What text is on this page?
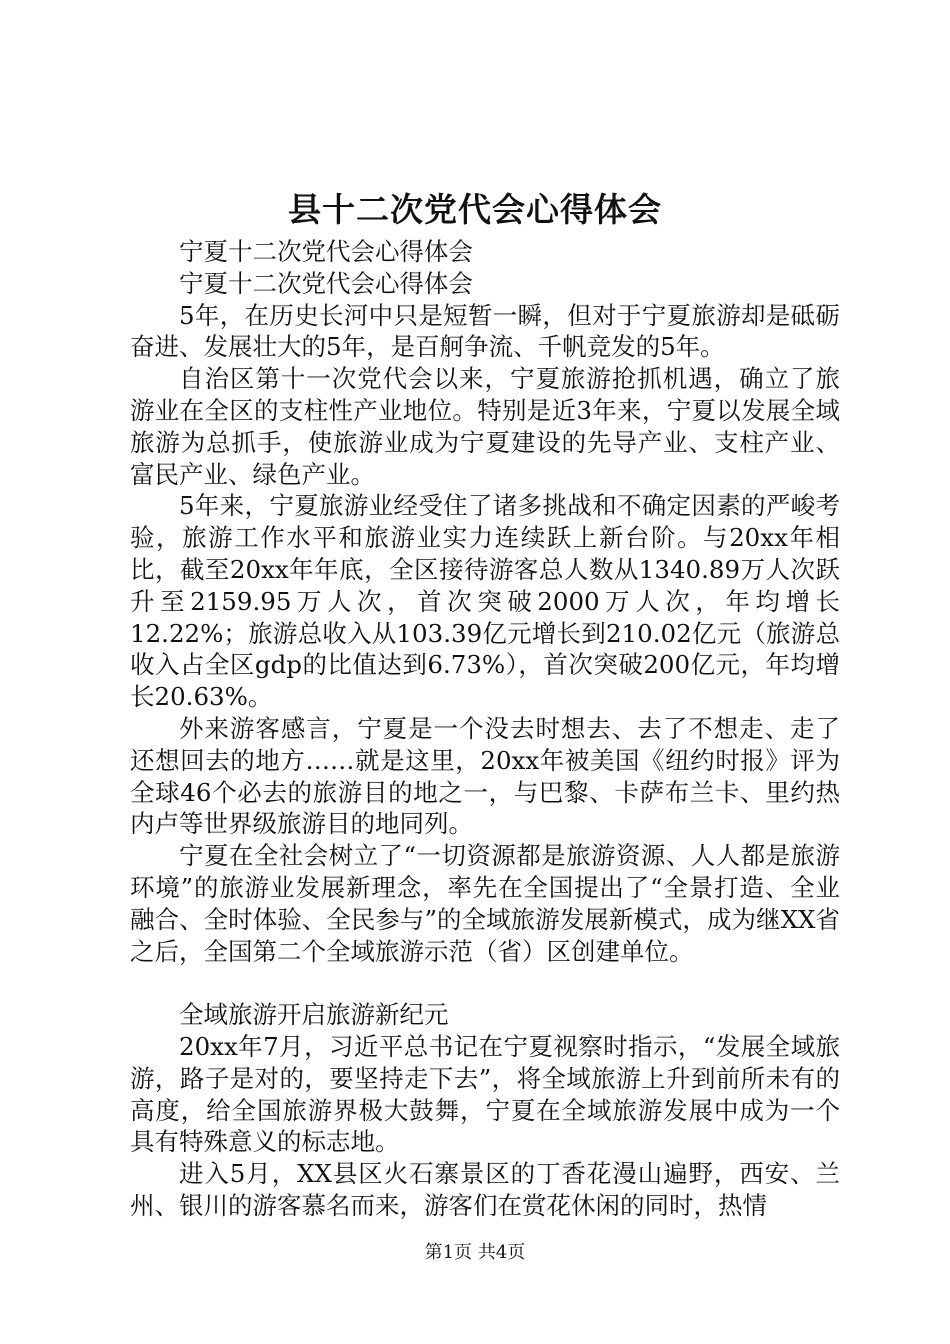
县十二次党代会心得体会

宁夏十二次党代会心得体会

宁夏十二次党代会心得体会

5年，在历史长河中只是短暂一瞬，但对于宁夏旅游却是砥砺奋进、发展壮大的5年，是百舸争流、千帆竞发的5年。

自治区第十一次党代会以来，宁夏旅游抢抓机遇，确立了旅游业在全区的支柱性产业地位。特别是近3年来，宁夏以发展全域旅游为总抓手，使旅游业成为宁夏建设的先导产业、支柱产业、富民产业、绿色产业。

5年来，宁夏旅游业经受住了诸多挑战和不确定因素的严峻考验，旅游工作水平和旅游业实力连续跃上新台阶。与20xx年相比，截至20xx年年底，全区接待游客总人数从1340.89万人次跃升至2159.95万人次，首次突破2000万人次，年均增长12.22%；旅游总收入从103.39亿元增长到210.02亿元（旅游总收入占全区gdp的比值达到6.73%），首次突破200亿元，年均增长20.63%。

外来游客感言，宁夏是一个没去时想去、去了不想走、走了还想回去的地方……就是这里，20xx年被美国《纽约时报》评为全球46个必去的旅游目的地之一，与巴黎、卡萨布兰卡、里约热内卢等世界级旅游目的地同列。

宁夏在全社会树立了“一切资源都是旅游资源、人人都是旅游环境”的旅游业发展新理念，率先在全国提出了“全景打造、全业融合、全时体验、全民参与”的全域旅游发展新模式，成为继XX省之后，全国第二个全域旅游示范（省）区创建单位。

全域旅游开启旅游新纪元

20xx年7月，习近平总书记在宁夏视察时指示，“发展全域旅游，路子是对的，要坚持走下去”，将全域旅游上升到前所未有的高度，给全国旅游界极大鼓舞，宁夏在全域旅游发展中成为一个具有特殊意义的标志地。

进入5月，XX县区火石寨景区的丁香花漫山遍野，西安、兰州、银川的游客慕名而来，游客们在赏花休闲的同时，热情

第1页 共4页
